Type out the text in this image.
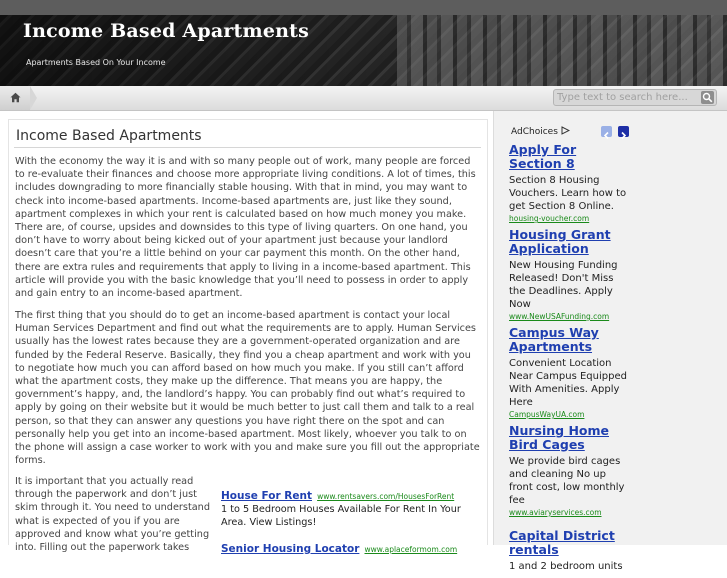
Income Based Apartments
Apartments Based On Your Income
Type text to search here...
Income Based Apartments

With the economy the way it is and with so many people out of work, many people are forced to re-evaluate their finances and choose more appropriate living conditions. A lot of times, this includes downgrading to more financially stable housing. With that in mind, you may want to check into income-based apartments. Income-based apartments are, just like they sound, apartment complexes in which your rent is calculated based on how much money you make. There are, of course, upsides and downsides to this type of living quarters. On one hand, you don’t have to worry about being kicked out of your apartment just because your landlord doesn’t care that you’re a little behind on your car payment this month. On the other hand, there are extra rules and requirements that apply to living in a income-based apartment. This article will provide you with the basic knowledge that you’ll need to possess in order to apply and gain entry to an income-based apartment.

The first thing that you should do to get an income-based apartment is contact your local Human Services Department and find out what the requirements are to apply. Human Services usually has the lowest rates because they are a government-operated organization and are funded by the Federal Reserve. Basically, they find you a cheap apartment and work with you to negotiate how much you can afford based on how much you make. If you still can’t afford what the apartment costs, they make up the difference. That means you are happy, the government’s happy, and, the landlord’s happy. You can probably find out what’s required to apply by going on their website but it would be much better to just call them and talk to a real person, so that they can answer any questions you have right there on the spot and can personally help you get into an income-based apartment. Most likely, whoever you talk to on the phone will assign a case worker to work with you and make sure you fill out the appropriate forms.

It is important that you actually read through the paperwork and don’t just skim through it. You need to understand what is expected of you if you are approved and know what you’re getting into. Filling out the paperwork takes

House For Rent www.rentsavers.com/HousesForRent
1 to 5 Bedroom Houses Available For Rent In Your Area. View Listings!
Senior Housing Locator www.aplaceformom.com
AdChoices

Apply For Section 8
Section 8 Housing Vouchers. Learn how to get Section 8 Online.
housing-voucher.com
Housing Grant Application
New Housing Funding Released! Don't Miss the Deadlines. Apply Now
www.NewUSAFunding.com
Campus Way Apartments
Convenient Location Near Campus Equipped With Amenities. Apply Here
CampusWayUA.com
Nursing Home Bird Cages
We provide bird cages and cleaning No up front cost, low monthly fee
www.aviaryservices.com
Capital District rentals
1 and 2 bedroom units
